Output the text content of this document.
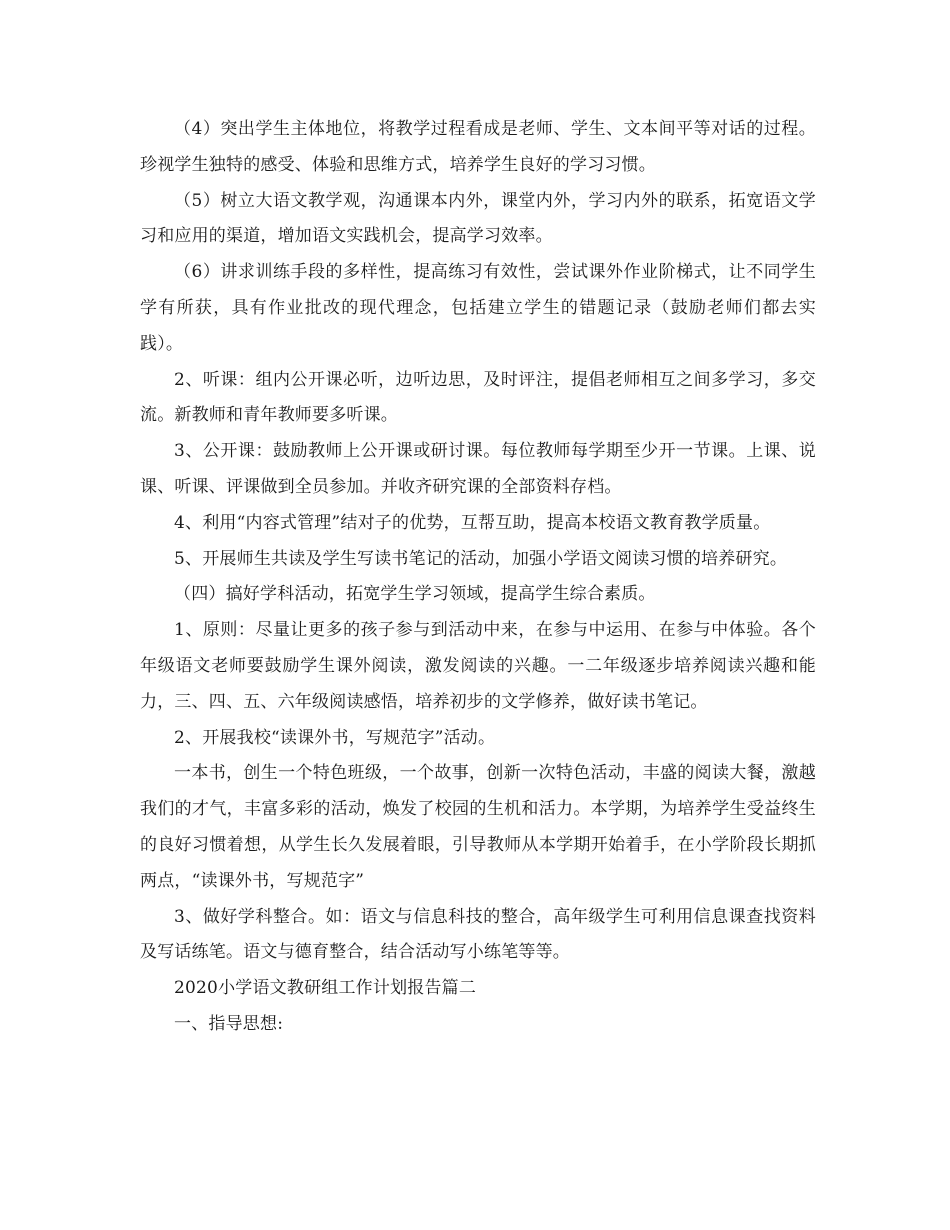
（4）突出学生主体地位，将教学过程看成是老师、学生、文本间平等对话的过程。珍视学生独特的感受、体验和思维方式，培养学生良好的学习习惯。

（5）树立大语文教学观，沟通课本内外，课堂内外，学习内外的联系，拓宽语文学习和应用的渠道，增加语文实践机会，提高学习效率。

（6）讲求训练手段的多样性，提高练习有效性，尝试课外作业阶梯式，让不同学生学有所获，具有作业批改的现代理念，包括建立学生的错题记录（鼓励老师们都去实践）。

2、听课：组内公开课必听，边听边思，及时评注，提倡老师相互之间多学习，多交流。新教师和青年教师要多听课。

3、公开课：鼓励教师上公开课或研讨课。每位教师每学期至少开一节课。上课、说课、听课、评课做到全员参加。并收齐研究课的全部资料存档。

4、利用“内容式管理”结对子的优势，互帮互助，提高本校语文教育教学质量。

5、开展师生共读及学生写读书笔记的活动，加强小学语文阅读习惯的培养研究。

（四）搞好学科活动，拓宽学生学习领域，提高学生综合素质。

1、原则：尽量让更多的孩子参与到活动中来，在参与中运用、在参与中体验。各个年级语文老师要鼓励学生课外阅读，激发阅读的兴趣。一二年级逐步培养阅读兴趣和能力，三、四、五、六年级阅读感悟，培养初步的文学修养，做好读书笔记。

2、开展我校“读课外书，写规范字”活动。

一本书，创生一个特色班级，一个故事，创新一次特色活动，丰盛的阅读大餐，激越我们的才气，丰富多彩的活动，焕发了校园的生机和活力。本学期，为培养学生受益终生的良好习惯着想，从学生长久发展着眼，引导教师从本学期开始着手，在小学阶段长期抓两点，“读课外书，写规范字”

3、做好学科整合。如：语文与信息科技的整合，高年级学生可利用信息课查找资料及写话练笔。语文与德育整合，结合活动写小练笔等等。

2020小学语文教研组工作计划报告篇二

一、指导思想:
